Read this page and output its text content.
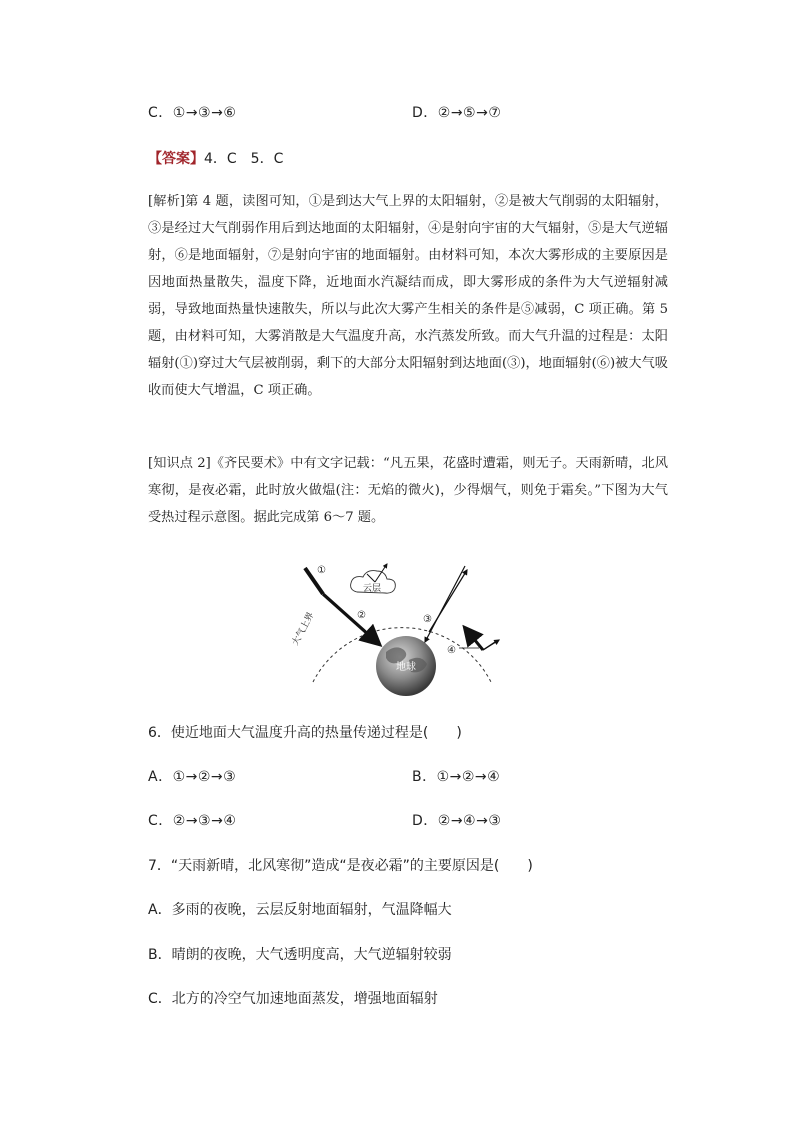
C．①→③→⑥	D．②→⑤→⑦
【答案】4．C　5．C

[解析]第 4 题，读图可知，①是到达大气上界的太阳辐射，②是被大气削弱的太阳辐射，③是经过大气削弱作用后到达地面的太阳辐射，④是射向宇宙的大气辐射，⑤是大气逆辐射，⑥是地面辐射，⑦是射向宇宙的地面辐射。由材料可知，本次大雾形成的主要原因是因地面热量散失，温度下降，近地面水汽凝结而成，即大雾形成的条件为大气逆辐射减弱，导致地面热量快速散失，所以与此次大雾产生相关的条件是⑤减弱，C 项正确。第 5 题，由材料可知，大雾消散是大气温度升高，水汽蒸发所致。而大气升温的过程是：太阳辐射(①)穿过大气层被削弱，剩下的大部分太阳辐射到达地面(③)，地面辐射(⑥)被大气吸收而使大气增温，C 项正确。

[知识点 2]《齐民要术》中有文字记载：“凡五果，花盛时遭霜，则无子。天雨新晴，北风寒彻，是夜必霜，此时放火做煴(注：无焰的微火)，少得烟气，则免于霜矣。”下图为大气受热过程示意图。据此完成第 6～7 题。

大气上界
地球
云层
①
②	③
④
6．使近地面大气温度升高的热量传递过程是(　　)
A．①→②→③	B．①→②→④
C．②→③→④	D．②→④→③
7．“天雨新晴，北风寒彻”造成“是夜必霜”的主要原因是(　　)
A．多雨的夜晚，云层反射地面辐射，气温降幅大
B．晴朗的夜晚，大气透明度高，大气逆辐射较弱
C．北方的冷空气加速地面蒸发，增强地面辐射
